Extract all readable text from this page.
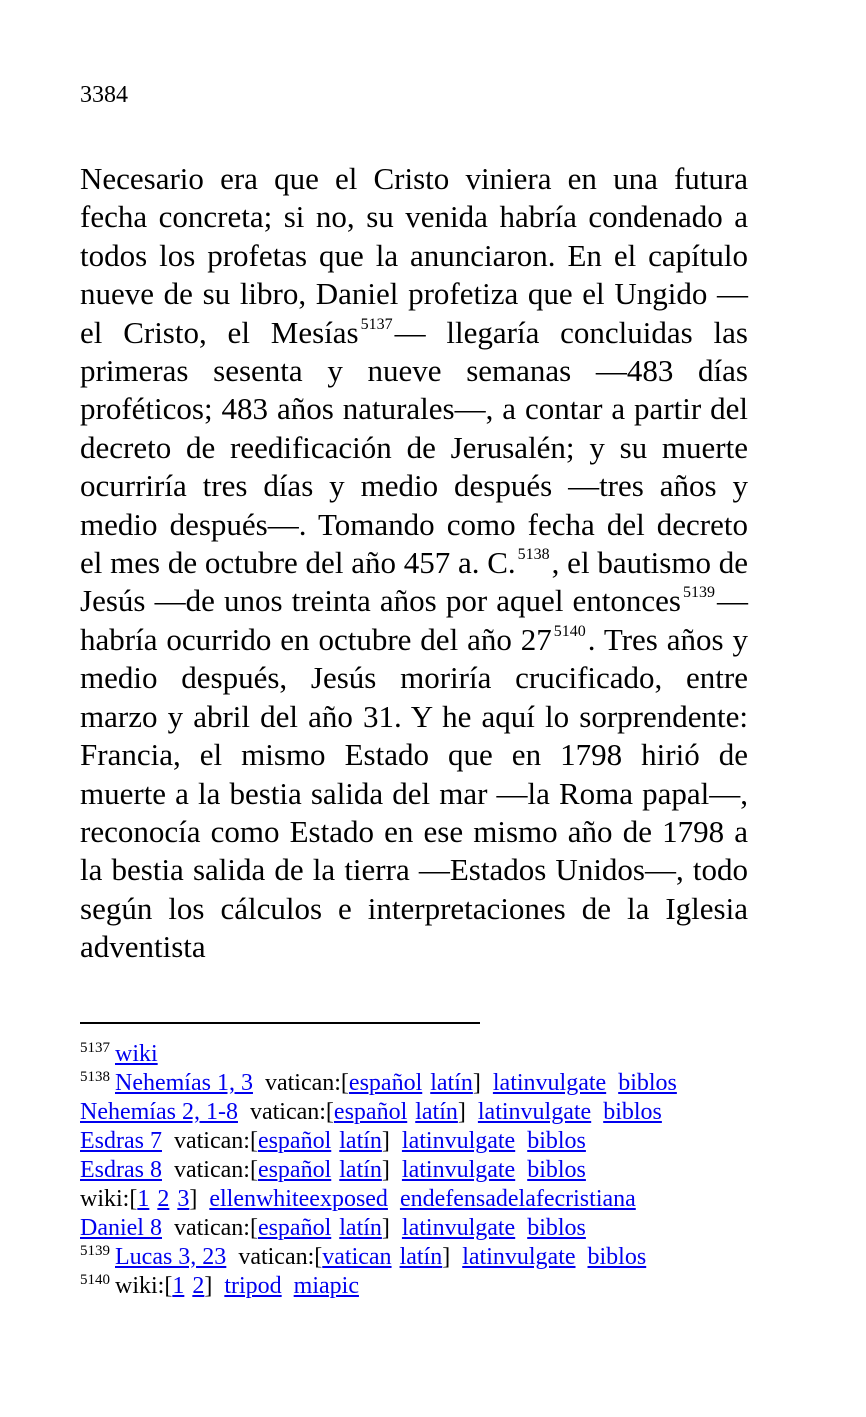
3384

Necesario era que el Cristo viniera en una futura fecha concreta; si no, su venida habría condenado a todos los profetas que la anunciaron. En el capítulo nueve de su libro, Daniel profetiza que el Ungido —el Cristo, el Mesías $^{5137}$— llegaría concluidas las primeras sesenta y nueve semanas —483 días proféticos; 483 años naturales—, a contar a partir del decreto de reedificación de Jerusalén; y su muerte ocurriría tres días y medio después —tres años y medio después—. Tomando como fecha del decreto el mes de octubre del año 457 a. C. $^{5138}$, el bautismo de Jesús —de unos treinta años por aquel entonces $^{5139}$— habría ocurrido en octubre del año 27 $^{5140}$. Tres años y medio después, Jesús moriría crucificado, entre marzo y abril del año 31. Y he aquí lo sorprendente: Francia, el mismo Estado que en 1798 hirió de muerte a la bestia salida del mar —la Roma papal—, reconocía como Estado en ese mismo año de 1798 a la bestia salida de la tierra —Estados Unidos—, todo según los cálculos e interpretaciones de la Iglesia adventista

$^{5137}$ wiki
$^{5138}$ Nehemías 1, 3 vatican:[español latín] latinvulgate biblos
Nehemías 2, 1-8 vatican:[español latín] latinvulgate biblos
Esdras 7 vatican:[español latín] latinvulgate biblos
Esdras 8 vatican:[español latín] latinvulgate biblos
wiki:[1 2 3] ellenwhiteexposed endefensadelafecristiana
Daniel 8 vatican:[español latín] latinvulgate biblos
$^{5139}$ Lucas 3, 23 vatican:[vatican latín] latinvulgate biblos
$^{5140}$ wiki:[1 2] tripod miapic
